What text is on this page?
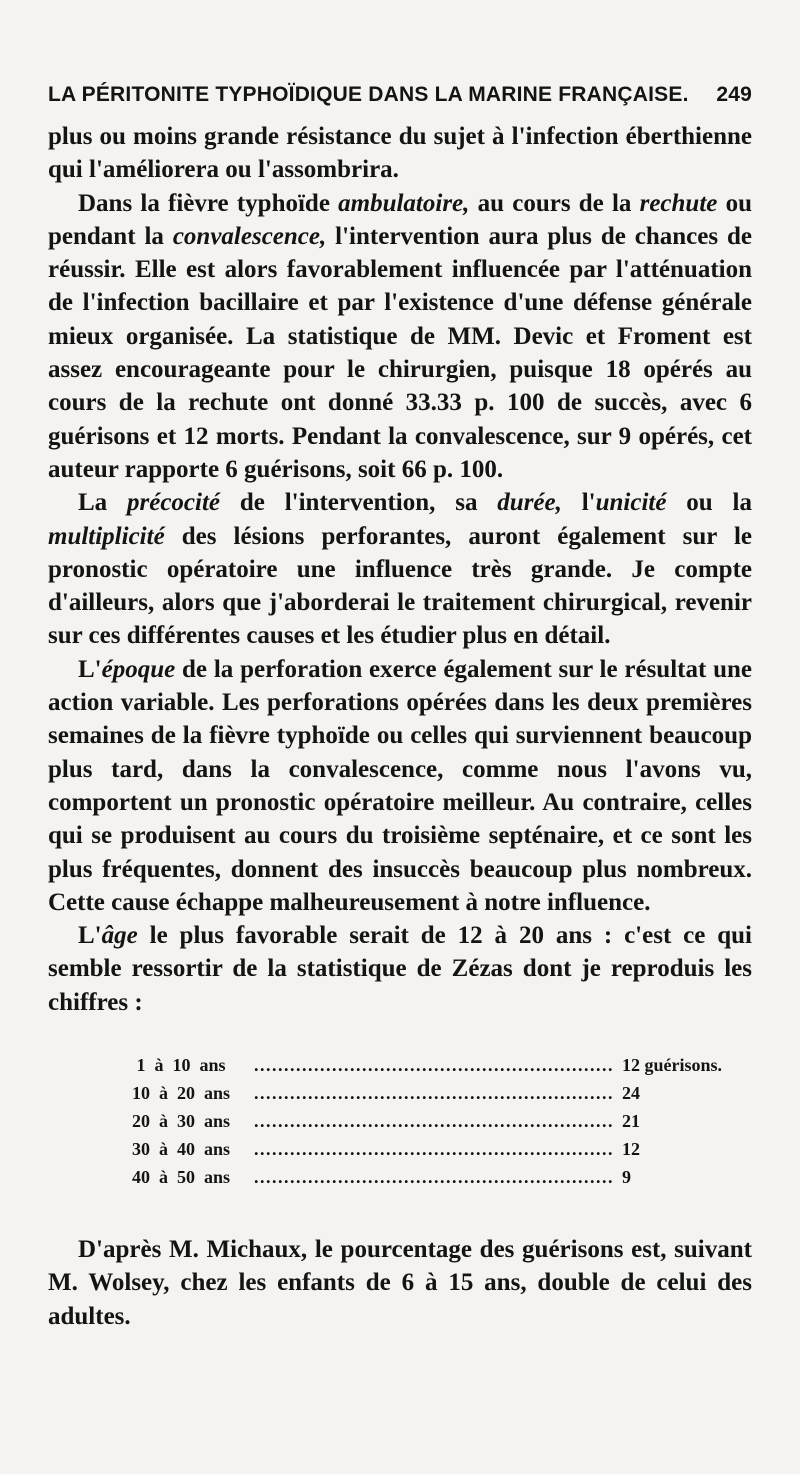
LA PÉRITONITE TYPHOÏDIQUE DANS LA MARINE FRANÇAISE. 249

plus ou moins grande résistance du sujet à l'infection éberthienne qui l'améliorera ou l'assombrira.

Dans la fièvre typhoïde ambulatoire, au cours de la rechute ou pendant la convalescence, l'intervention aura plus de chances de réussir. Elle est alors favorablement influencée par l'atténuation de l'infection bacillaire et par l'existence d'une défense générale mieux organisée. La statistique de MM. Devic et Froment est assez encourageante pour le chirurgien, puisque 18 opérés au cours de la rechute ont donné 33.33 p. 100 de succès, avec 6 guérisons et 12 morts. Pendant la convalescence, sur 9 opérés, cet auteur rapporte 6 guérisons, soit 66 p. 100.

La précocité de l'intervention, sa durée, l'unicité ou la multiplicité des lésions perforantes, auront également sur le pronostic opératoire une influence très grande. Je compte d'ailleurs, alors que j'aborderai le traitement chirurgical, revenir sur ces différentes causes et les étudier plus en détail.

L'époque de la perforation exerce également sur le résultat une action variable. Les perforations opérées dans les deux premières semaines de la fièvre typhoïde ou celles qui surviennent beaucoup plus tard, dans la convalescence, comme nous l'avons vu, comportent un pronostic opératoire meilleur. Au contraire, celles qui se produisent au cours du troisième septénaire, et ce sont les plus fréquentes, donnent des insuccès beaucoup plus nombreux. Cette cause échappe malheureusement à notre influence.

L'âge le plus favorable serait de 12 à 20 ans : c'est ce qui semble ressortir de la statistique de Zézas dont je reproduis les chiffres :

1  à  10  ans .....	12 guérisons.
10  à  20  ans .....	24
20  à  30  ans .....	21
30  à  40  ans .....	12
40  à  50  ans .....	9

D'après M. Michaux, le pourcentage des guérisons est, suivant M. Wolsey, chez les enfants de 6 à 15 ans, double de celui des adultes.
